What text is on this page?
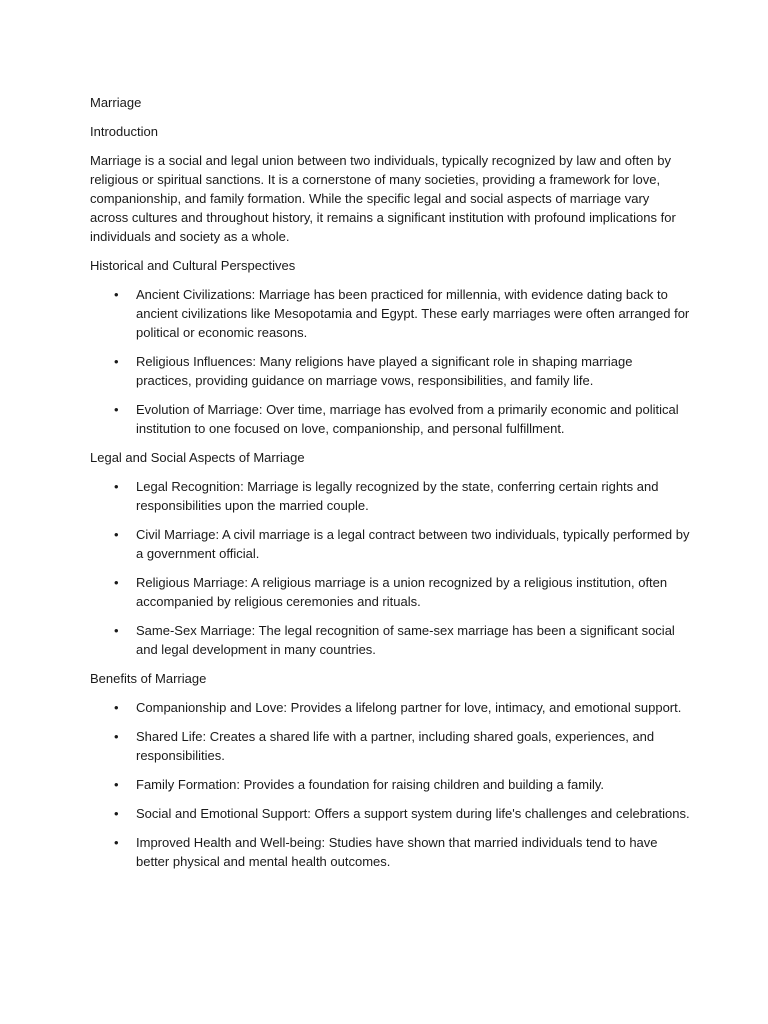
Marriage

Introduction

Marriage is a social and legal union between two individuals, typically recognized by law and often by religious or spiritual sanctions. It is a cornerstone of many societies, providing a framework for love, companionship, and family formation. While the specific legal and social aspects of marriage vary across cultures and throughout history, it remains a significant institution with profound implications for individuals and society as a whole.

Historical and Cultural Perspectives

• Ancient Civilizations: Marriage has been practiced for millennia, with evidence dating back to ancient civilizations like Mesopotamia and Egypt. These early marriages were often arranged for political or economic reasons.
• Religious Influences: Many religions have played a significant role in shaping marriage practices, providing guidance on marriage vows, responsibilities, and family life.
• Evolution of Marriage: Over time, marriage has evolved from a primarily economic and political institution to one focused on love, companionship, and personal fulfillment.

Legal and Social Aspects of Marriage

• Legal Recognition: Marriage is legally recognized by the state, conferring certain rights and responsibilities upon the married couple.
• Civil Marriage: A civil marriage is a legal contract between two individuals, typically performed by a government official.
• Religious Marriage: A religious marriage is a union recognized by a religious institution, often accompanied by religious ceremonies and rituals.
• Same-Sex Marriage: The legal recognition of same-sex marriage has been a significant social and legal development in many countries.

Benefits of Marriage

• Companionship and Love: Provides a lifelong partner for love, intimacy, and emotional support.
• Shared Life: Creates a shared life with a partner, including shared goals, experiences, and responsibilities.
• Family Formation: Provides a foundation for raising children and building a family.
• Social and Emotional Support: Offers a support system during life's challenges and celebrations.
• Improved Health and Well-being: Studies have shown that married individuals tend to have better physical and mental health outcomes.
